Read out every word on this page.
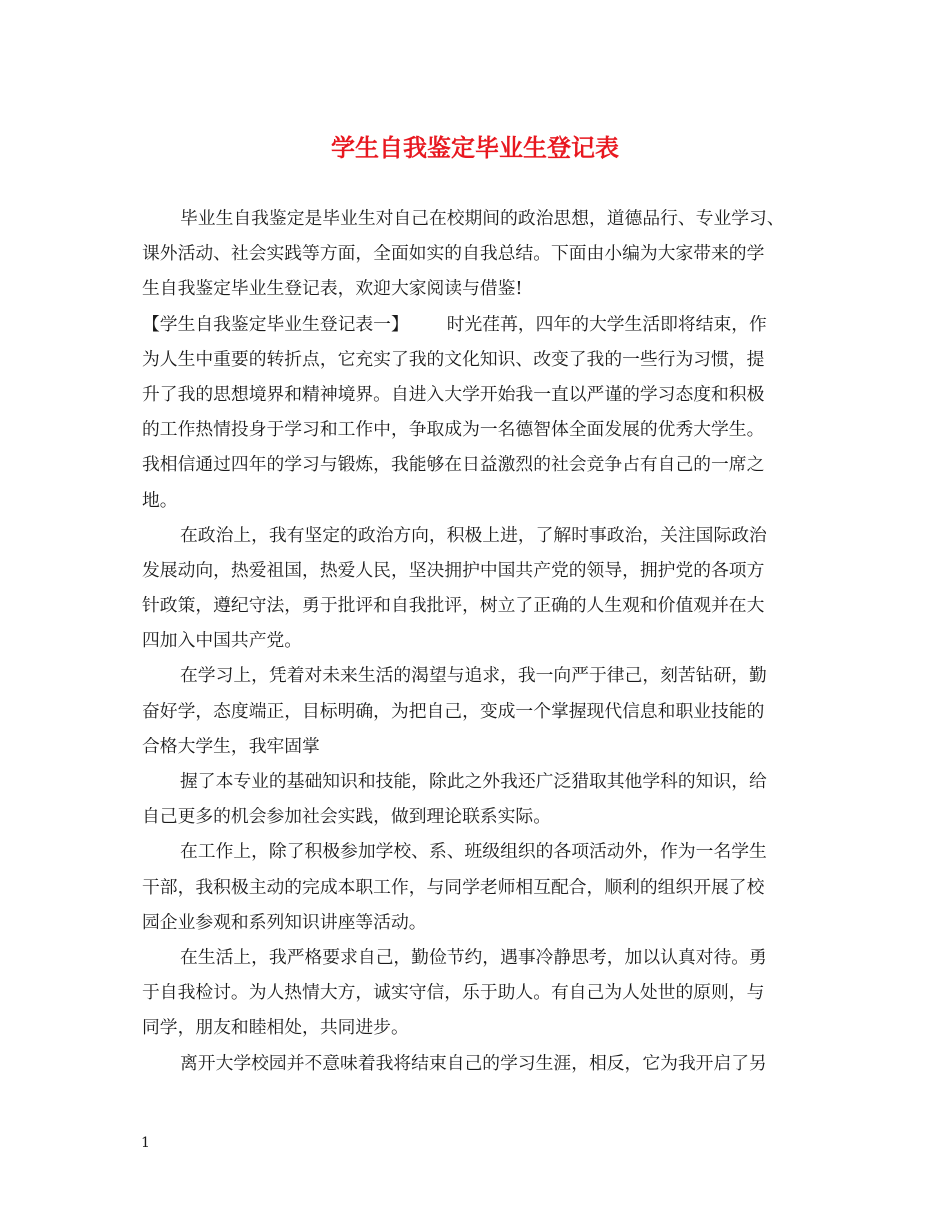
学生自我鉴定毕业生登记表
毕业生自我鉴定是毕业生对自己在校期间的政治思想，道德品行、专业学习、
课外活动、社会实践等方面，全面如实的自我总结。下面由小编为大家带来的学
生自我鉴定毕业生登记表，欢迎大家阅读与借鉴!
【学生自我鉴定毕业生登记表一】 时光荏苒，四年的大学生活即将结束，作
为人生中重要的转折点，它充实了我的文化知识、改变了我的一些行为习惯，提
升了我的思想境界和精神境界。自进入大学开始我一直以严谨的学习态度和积极
的工作热情投身于学习和工作中，争取成为一名德智体全面发展的优秀大学生。
我相信通过四年的学习与锻炼，我能够在日益激烈的社会竞争占有自己的一席之
地。
在政治上，我有坚定的政治方向，积极上进，了解时事政治，关注国际政治
发展动向，热爱祖国，热爱人民，坚决拥护中国共产党的领导，拥护党的各项方
针政策，遵纪守法，勇于批评和自我批评，树立了正确的人生观和价值观并在大
四加入中国共产党。
在学习上，凭着对未来生活的渴望与追求，我一向严于律己，刻苦钻研，勤
奋好学，态度端正，目标明确，为把自己，变成一个掌握现代信息和职业技能的
合格大学生，我牢固掌
握了本专业的基础知识和技能，除此之外我还广泛猎取其他学科的知识，给
自己更多的机会参加社会实践，做到理论联系实际。
在工作上，除了积极参加学校、系、班级组织的各项活动外，作为一名学生
干部，我积极主动的完成本职工作，与同学老师相互配合，顺利的组织开展了校
园企业参观和系列知识讲座等活动。
在生活上，我严格要求自己，勤俭节约，遇事冷静思考，加以认真对待。勇
于自我检讨。为人热情大方，诚实守信，乐于助人。有自己为人处世的原则，与
同学，朋友和睦相处，共同进步。
离开大学校园并不意味着我将结束自己的学习生涯，相反，它为我开启了另
1
